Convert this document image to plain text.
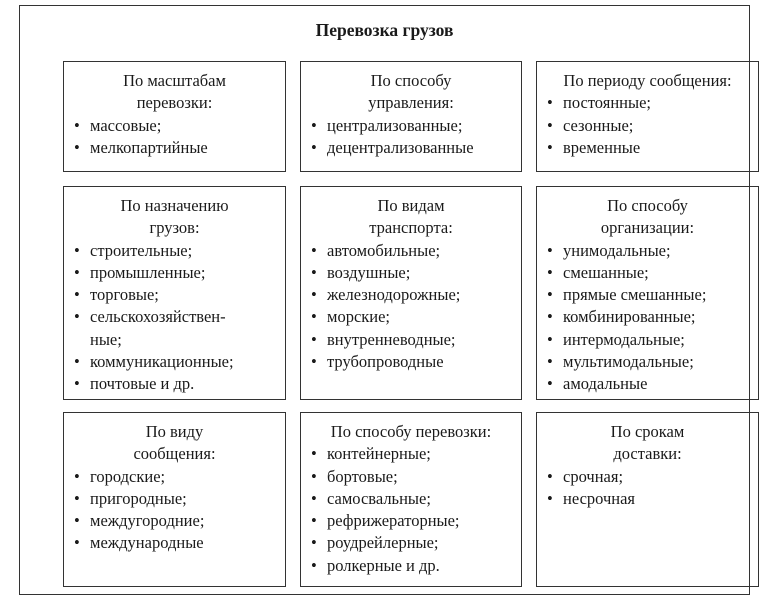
Перевозка грузов
По масштабам
перевозки:
• массовые;
• мелкопартийные
По способу
управления:
• централизованные;
• децентрализованные
По периоду сообщения:
• постоянные;
• сезонные;
• временные
По назначению
грузов:
• строительные;
• промышленные;
• торговые;
• сельскохозяйствен-
ные;
• коммуникационные;
• почтовые и др.
По видам
транспорта:
• автомобильные;
• воздушные;
• железнодорожные;
• морские;
• внутренневодные;
• трубопроводные
По способу
организации:
• унимодальные;
• смешанные;
• прямые смешанные;
• комбинированные;
• интермодальные;
• мультимодальные;
• амодальные
По виду
сообщения:
• городские;
• пригородные;
• междугородние;
• международные
По способу перевозки:
• контейнерные;
• бортовые;
• самосвальные;
• рефрижераторные;
• роудрейлерные;
• ролкерные и др.
По срокам
доставки:
• срочная;
• несрочная
